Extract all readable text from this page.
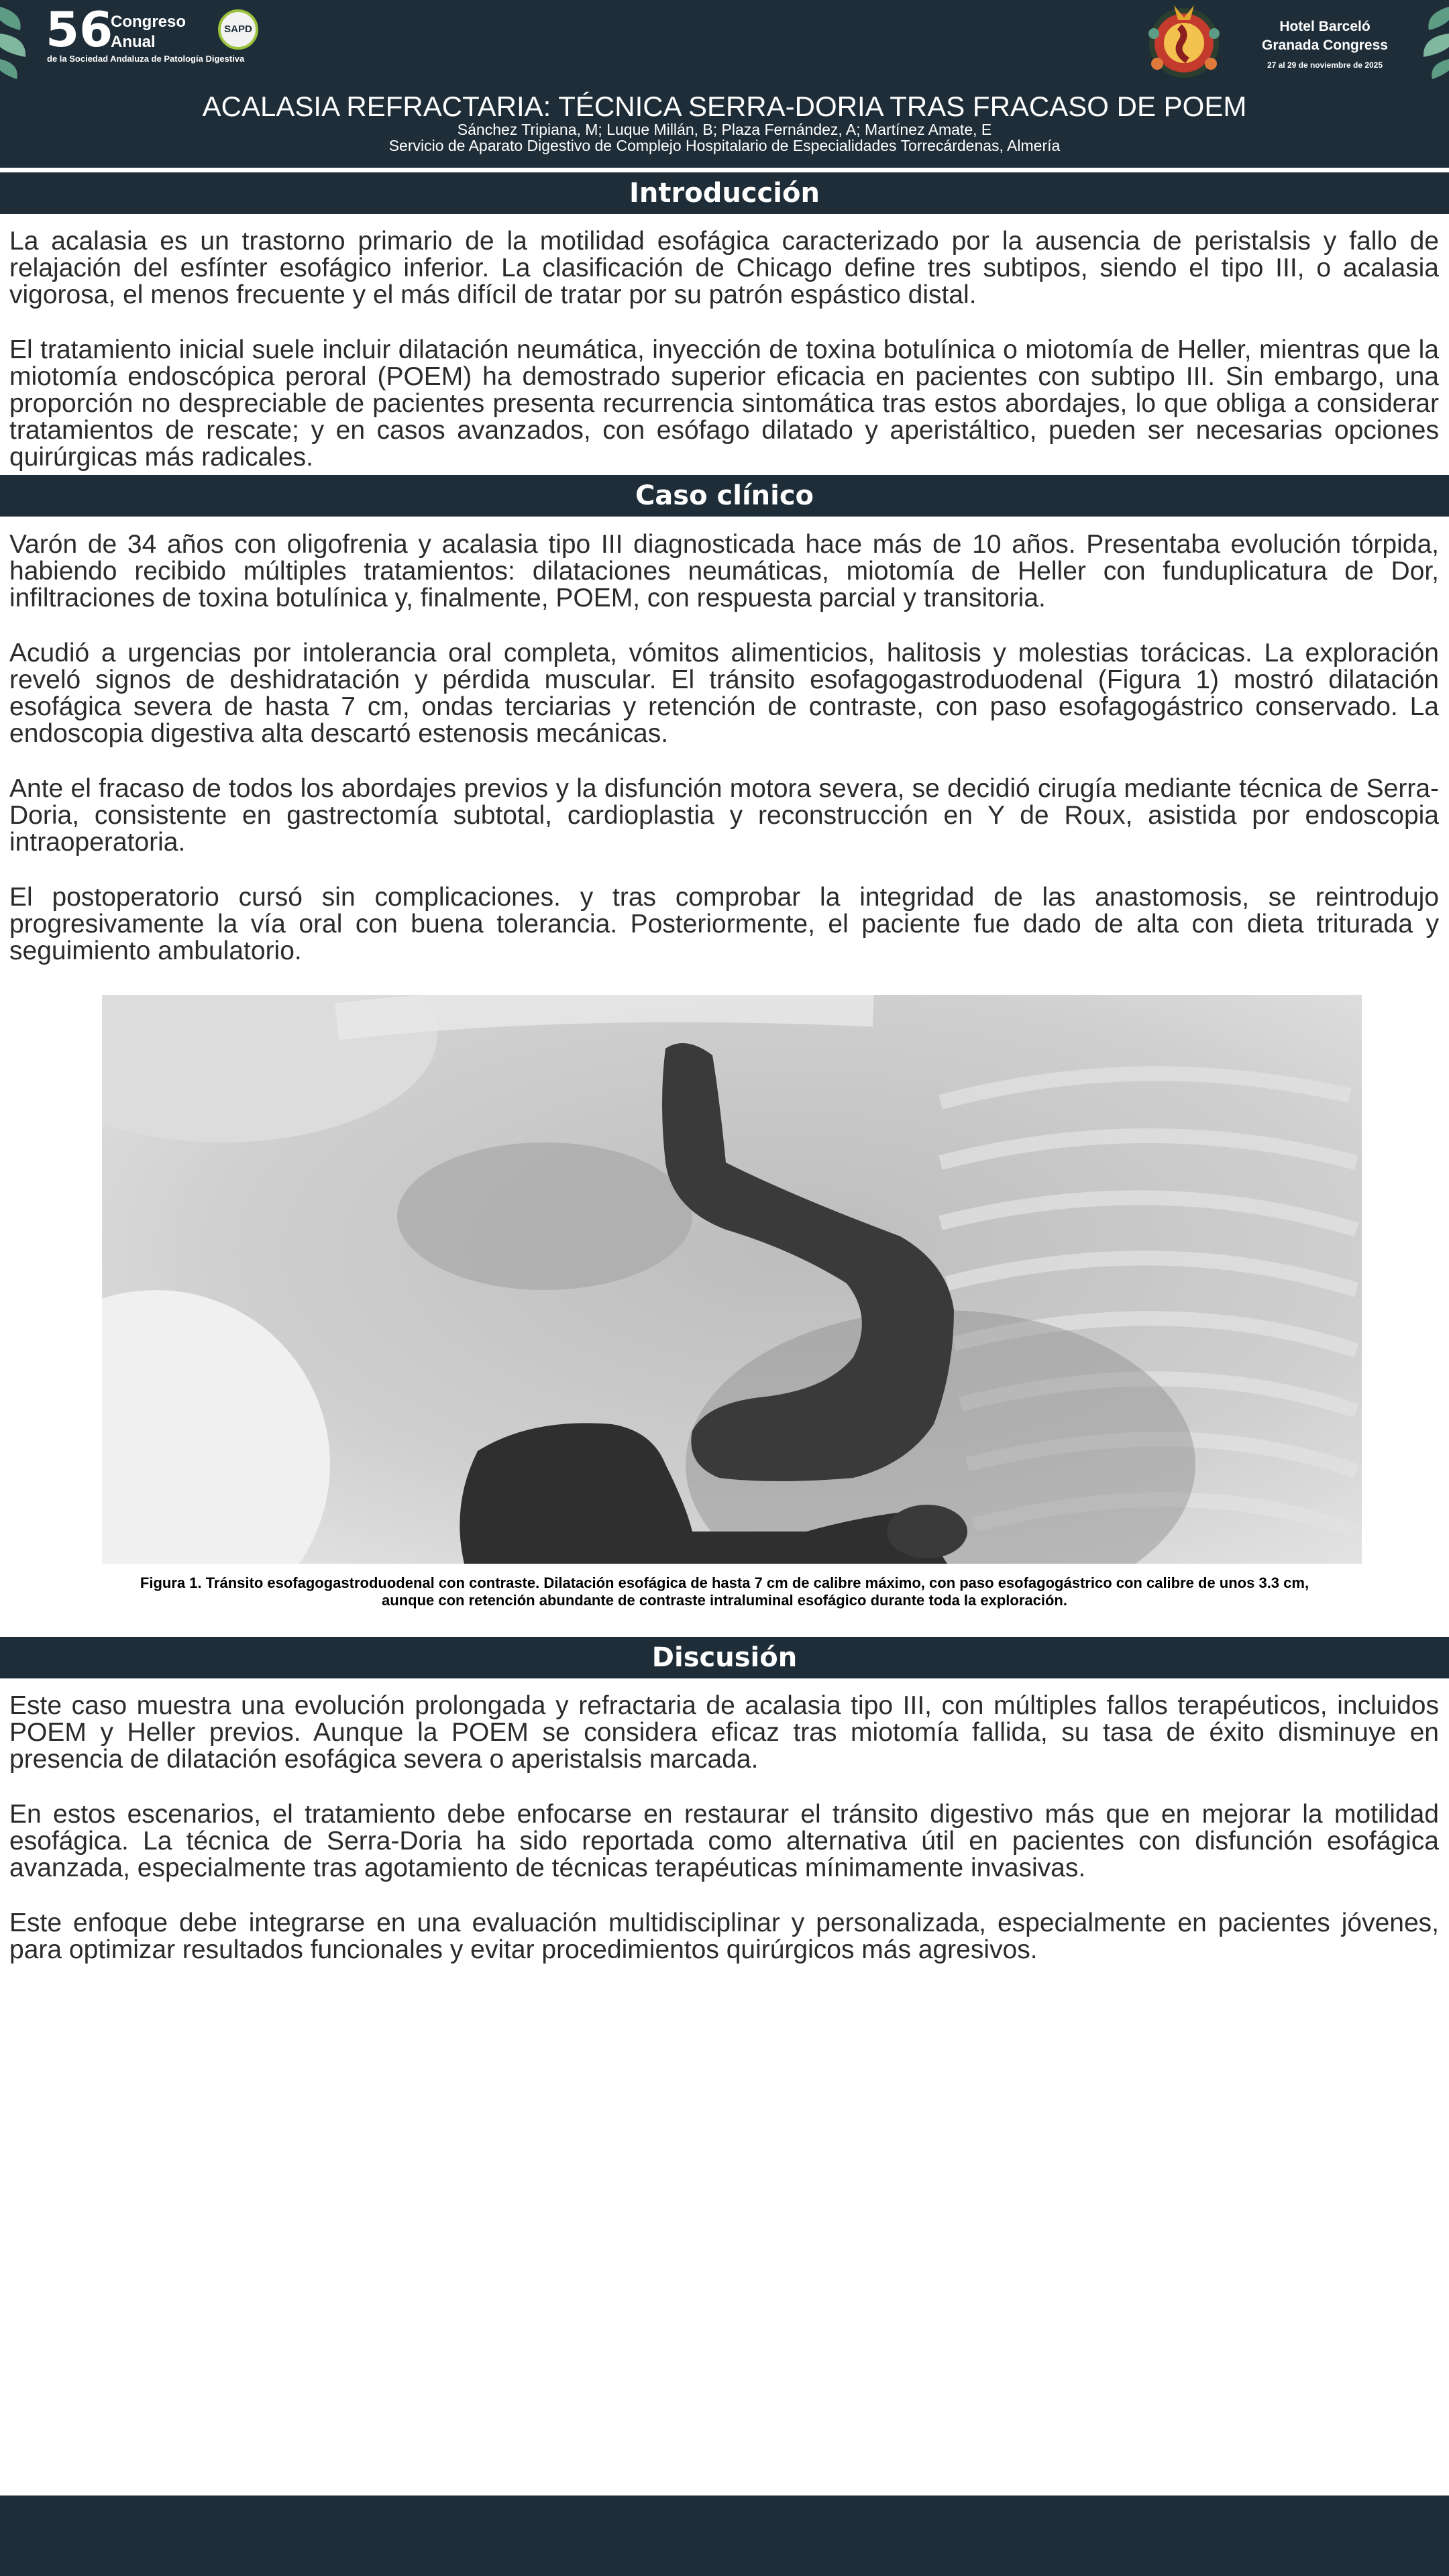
56
Congreso
Anual
de la Sociedad Andaluza de Patología Digestiva
SAPD	Hotel Barceló
Granada Congress
27 al 29 de noviembre de 2025
ACALASIA REFRACTARIA: TÉCNICA SERRA-DORIA TRAS FRACASO DE POEM
Sánchez Tripiana, M; Luque Millán, B; Plaza Fernández, A; Martínez Amate, E
Servicio de Aparato Digestivo de Complejo Hospitalario de Especialidades Torrecárdenas, Almería
Introducción

La acalasia es un trastorno primario de la motilidad esofágica caracterizado por la ausencia de peristalsis y fallo de relajación del esfínter esofágico inferior. La clasificación de Chicago define tres subtipos, siendo el tipo III, o acalasia vigorosa, el menos frecuente y el más difícil de tratar por su patrón espástico distal.

El tratamiento inicial suele incluir dilatación neumática, inyección de toxina botulínica o miotomía de Heller, mientras que la miotomía endoscópica peroral (POEM) ha demostrado superior eficacia en pacientes con subtipo III. Sin embargo, una proporción no despreciable de pacientes presenta recurrencia sintomática tras estos abordajes, lo que obliga a considerar tratamientos de rescate; y en casos avanzados, con esófago dilatado y aperistáltico, pueden ser necesarias opciones quirúrgicas más radicales.

Caso clínico

Varón de 34 años con oligofrenia y acalasia tipo III diagnosticada hace más de 10 años. Presentaba evolución tórpida, habiendo recibido múltiples tratamientos: dilataciones neumáticas, miotomía de Heller con funduplicatura de Dor, infiltraciones de toxina botulínica y, finalmente, POEM, con respuesta parcial y transitoria.

Acudió a urgencias por intolerancia oral completa, vómitos alimenticios, halitosis y molestias torácicas. La exploración reveló signos de deshidratación y pérdida muscular. El tránsito esofagogastroduodenal (Figura 1) mostró dilatación esofágica severa de hasta 7 cm, ondas terciarias y retención de contraste, con paso esofagogástrico conservado. La endoscopia digestiva alta descartó estenosis mecánicas.

Ante el fracaso de todos los abordajes previos y la disfunción motora severa, se decidió cirugía mediante técnica de Serra-Doria, consistente en gastrectomía subtotal, cardioplastia y reconstrucción en Y de Roux, asistida por endoscopia intraoperatoria.

El postoperatorio cursó sin complicaciones. y tras comprobar la integridad de las anastomosis, se reintrodujo progresivamente la vía oral con buena tolerancia. Posteriormente, el paciente fue dado de alta con dieta triturada y seguimiento ambulatorio.

Figura 1. Tránsito esofagogastroduodenal con contraste. Dilatación esofágica de hasta 7 cm de calibre máximo, con paso esofagogástrico con calibre de unos 3.3 cm, aunque con retención abundante de contraste intraluminal esofágico durante toda la exploración.
Discusión

Este caso muestra una evolución prolongada y refractaria de acalasia tipo III, con múltiples fallos terapéuticos, incluidos POEM y Heller previos. Aunque la POEM se considera eficaz tras miotomía fallida, su tasa de éxito disminuye en presencia de dilatación esofágica severa o aperistalsis marcada.

En estos escenarios, el tratamiento debe enfocarse en restaurar el tránsito digestivo más que en mejorar la motilidad esofágica. La técnica de Serra-Doria ha sido reportada como alternativa útil en pacientes con disfunción esofágica avanzada, especialmente tras agotamiento de técnicas terapéuticas mínimamente invasivas.

Este enfoque debe integrarse en una evaluación multidisciplinar y personalizada, especialmente en pacientes jóvenes, para optimizar resultados funcionales y evitar procedimientos quirúrgicos más agresivos.
